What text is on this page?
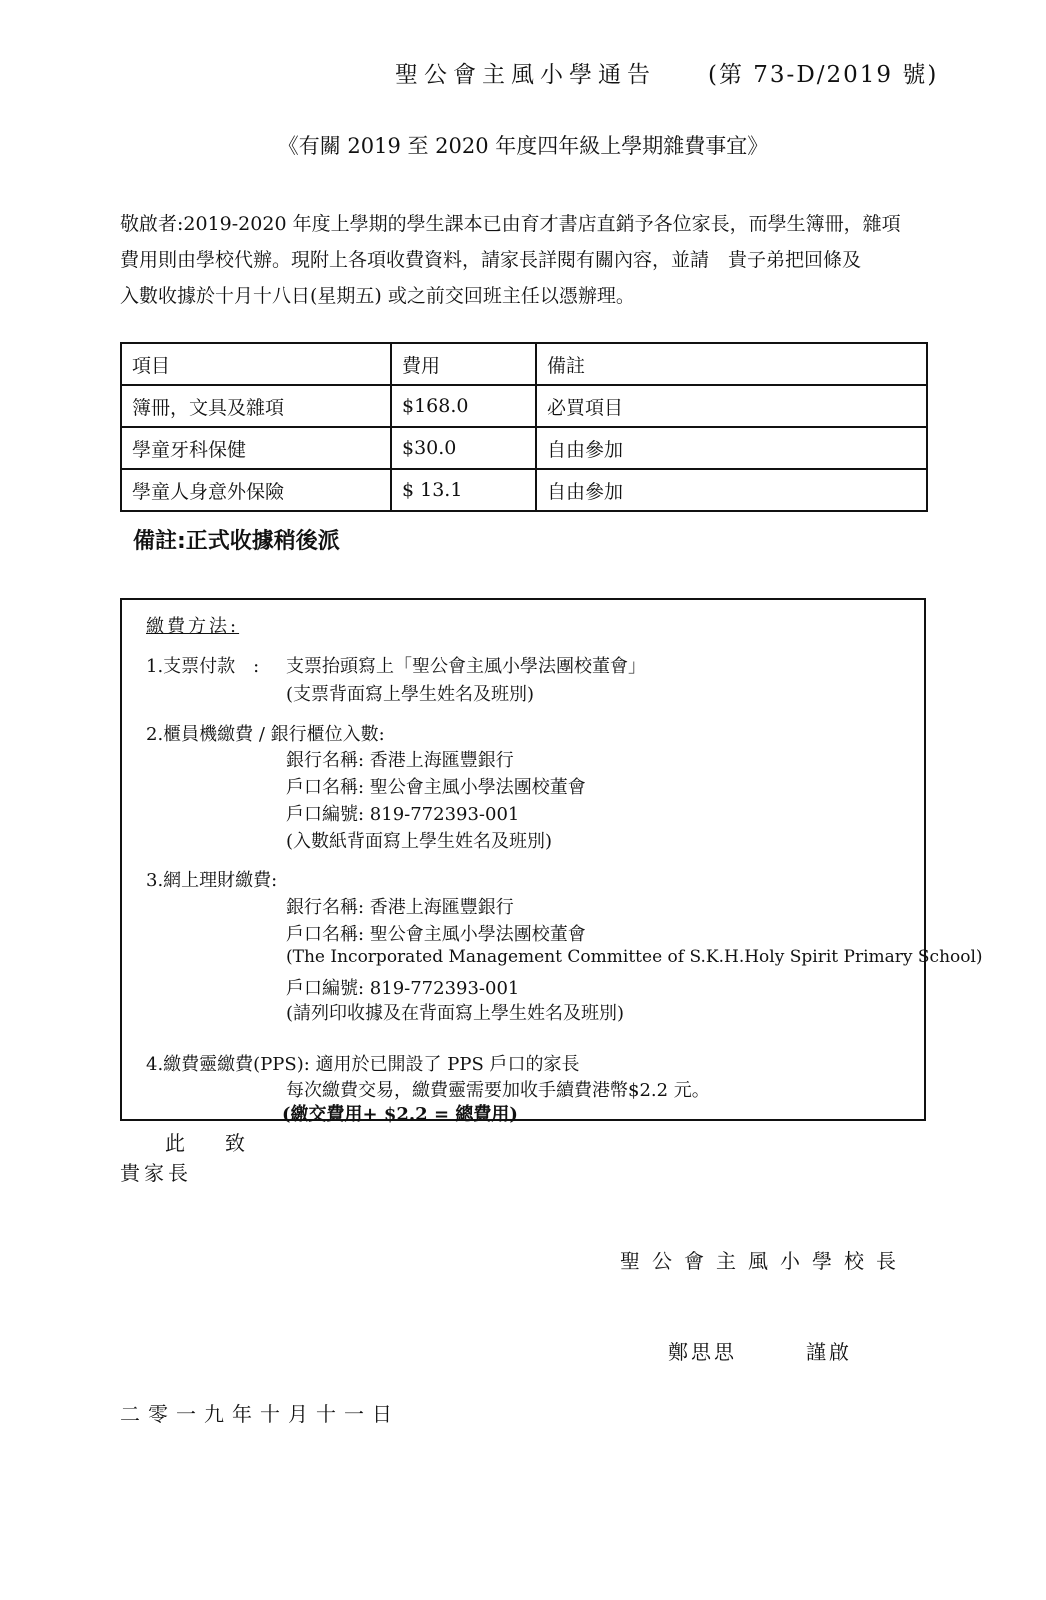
聖公會主風小學通告 (第 73-D/2019 號)
《有關 2019 至 2020 年度四年級上學期雜費事宜》
敬啟者:2019-2020 年度上學期的學生課本已由育才書店直銷予各位家長，而學生簿冊，雜項
費用則由學校代辦。現附上各項收費資料，請家長詳閱有關內容，並請　貴子弟把回條及
入數收據於十月十八日(星期五) 或之前交回班主任以憑辦理。
項目	費用	備註
簿冊，文具及雜項	$168.0	必買項目
學童牙科保健	$30.0	自由參加
學童人身意外保險	$ 13.1	自由參加
備註:正式收據稍後派
繳費方法:
1.支票付款　: 支票抬頭寫上「聖公會主風小學法團校董會」
(支票背面寫上學生姓名及班別)
2.櫃員機繳費 / 銀行櫃位入數:
銀行名稱: 香港上海匯豐銀行
戶口名稱: 聖公會主風小學法團校董會
戶口編號: 819-772393-001
(入數紙背面寫上學生姓名及班別)
3.網上理財繳費:
銀行名稱: 香港上海匯豐銀行
戶口名稱: 聖公會主風小學法團校董會
(The Incorporated Management Committee of S.K.H.Holy Spirit Primary School)
戶口編號: 819-772393-001
(請列印收據及在背面寫上學生姓名及班別)
4.繳費靈繳費(PPS): 適用於已開設了 PPS 戶口的家長
每次繳費交易，繳費靈需要加收手續費港幣$2.2 元。
(繳交費用+ $2.2 = 總費用)
此　　致
貴家長
聖公會主風小學校長
鄭思思　　　謹啟
二零一九年十月十一日
